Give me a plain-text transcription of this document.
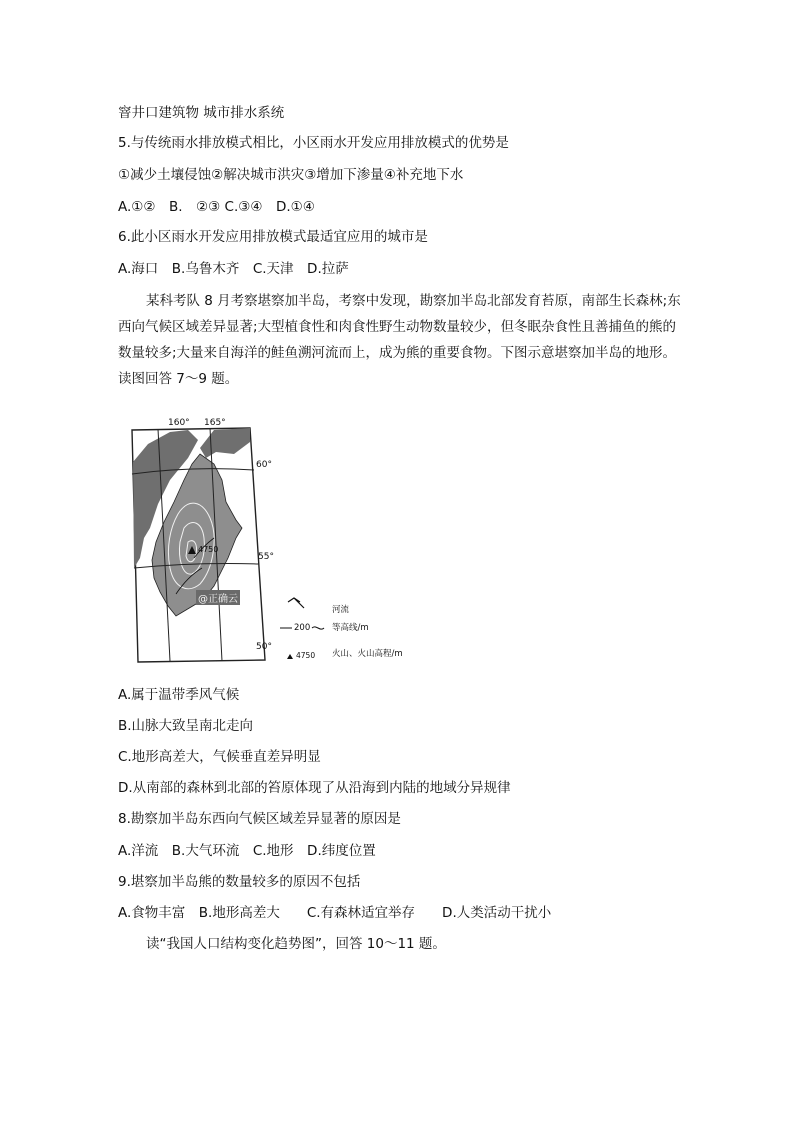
窨井口建筑物 城市排水系统
5.与传统雨水排放模式相比，小区雨水开发应用排放模式的优势是
①减少土壤侵蚀②解决城市洪灾③增加下渗量④补充地下水
A.①②　B.　②③ C.③④　D.①④
6.此小区雨水开发应用排放模式最适宜应用的城市是
A.海口　B.乌鲁木齐　C.天津　D.拉萨
某科考队 8 月考察堪察加半岛，考察中发现，勘察加半岛北部发育苔原，南部生长森林;东西向气候区域差异显著;大型植食性和肉食性野生动物数量较少，但冬眠杂食性且善捕鱼的熊的数量较多;大量来自海洋的鲑鱼溯河流而上，成为熊的重要食物。下图示意堪察加半岛的地形。读图回答 7～9 题。
160° 165°
60°
55°
50°
4750
@正确云
河流
200	等高线/m
4750 火山、火山高程/m
A.属于温带季风气候
B.山脉大致呈南北走向
C.地形高差大，气候垂直差异明显
D.从南部的森林到北部的笞原体现了从沿海到内陆的地域分异规律
8.勘察加半岛东西向气候区域差异显著的原因是
A.洋流　B.大气环流　C.地形　D.纬度位置
9.堪察加半岛熊的数量较多的原因不包括
A.食物丰富　B.地形高差大　　C.有森林适宜举存　　D.人类活动干扰小
读“我国人口结构变化趋势图”，回答 10～11 题。
